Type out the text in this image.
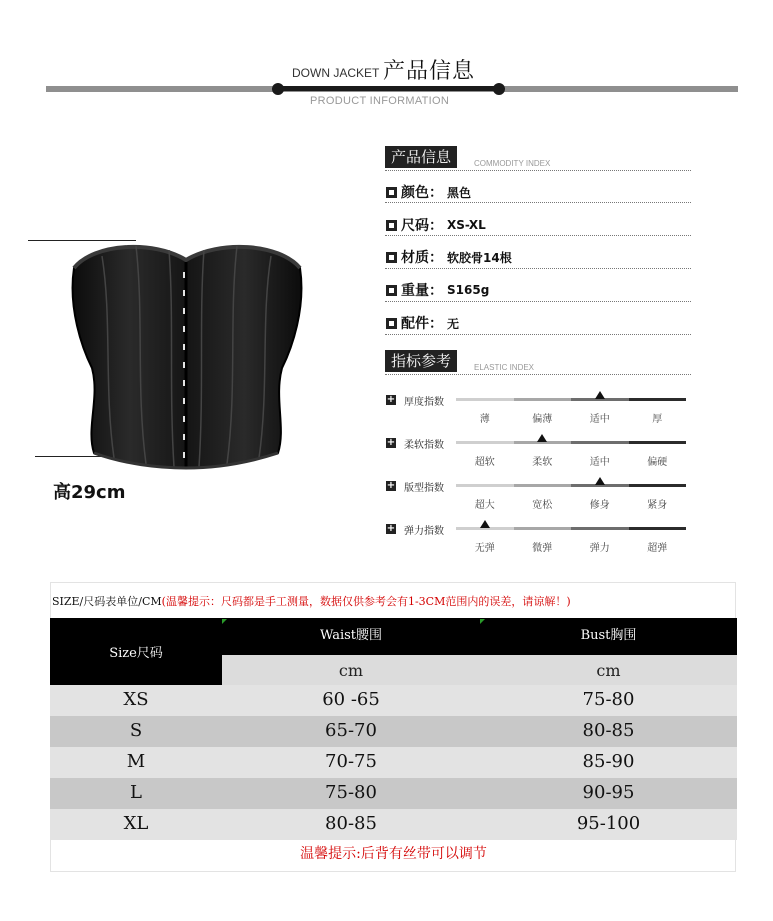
DOWN JACKET 产品信息
PRODUCT INFORMATION
高29cm
产品信息	COMMODITY INDEX
颜色： 黑色
尺码： XS-XL
材质： 软胶骨14根
重量： S165g
配件： 无
指标参考	ELASTIC INDEX
+ 厚度指数
薄	偏薄	适中	厚
+ 柔软指数
超软	柔软	适中	偏硬
+ 版型指数
超大	宽松	修身	紧身
+ 弹力指数
无弹	微弹	弹力	超弹
SIZE/尺码表单位/CM(温馨提示：尺码都是手工测量，数据仅供参考会有1-3CM范围内的误差，请谅解！)
Size尺码
Waist腰围	Bust胸围
cm	cm
XS	60 -65	75-80
S	65-70	80-85
M	70-75	85-90
L	75-80	90-95
XL	80-85	95-100
温馨提示:后背有丝带可以调节
